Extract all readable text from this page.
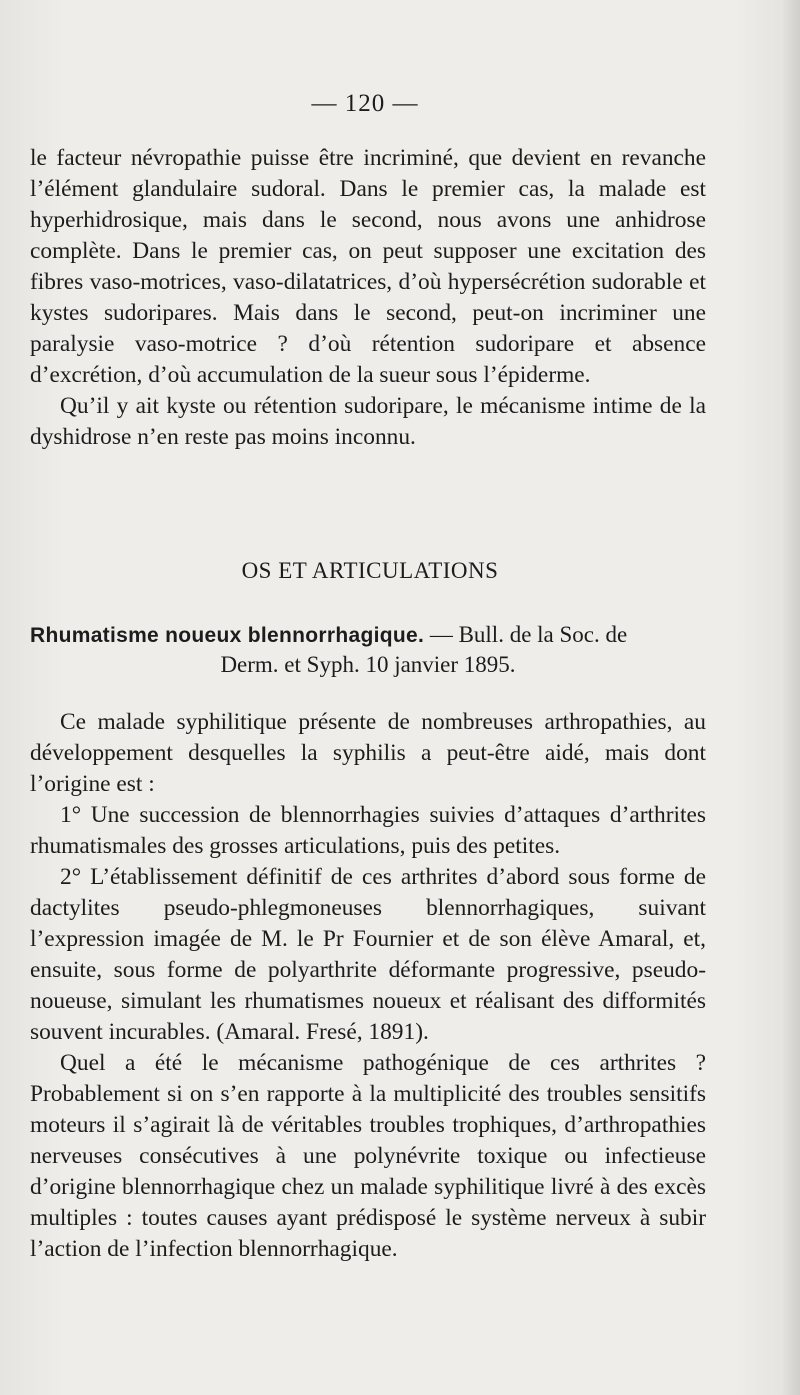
— 120 —

le facteur névropathie puisse être incriminé, que devient en revanche l’élément glandulaire sudoral. Dans le premier cas, la malade est hyperhidrosique, mais dans le second, nous avons une anhidrose complète. Dans le premier cas, on peut supposer une excitation des fibres vaso-motrices, vaso-dilatatrices, d’où hypersécrétion sudorable et kystes sudoripares. Mais dans le second, peut-on incriminer une paralysie vaso-motrice ? d’où rétention sudoripare et absence d’excrétion, d’où accumulation de la sueur sous l’épiderme.

Qu’il y ait kyste ou rétention sudoripare, le mécanisme intime de la dyshidrose n’en reste pas moins inconnu.

OS ET ARTICULATIONS
Rhumatisme noueux blennorrhagique. — Bull. de la Soc. de
Derm. et Syph. 10 janvier 1895.

Ce malade syphilitique présente de nombreuses arthropathies, au développement desquelles la syphilis a peut-être aidé, mais dont l’origine est :

1° Une succession de blennorrhagies suivies d’attaques d’arthrites rhumatismales des grosses articulations, puis des petites.

2° L’établissement définitif de ces arthrites d’abord sous forme de dactylites pseudo-phlegmoneuses blennorrhagiques, suivant l’expression imagée de M. le Pr Fournier et de son élève Amaral, et, ensuite, sous forme de polyarthrite déformante progressive, pseudo-noueuse, simulant les rhumatismes noueux et réalisant des difformités souvent incurables. (Amaral. Fresé, 1891).

Quel a été le mécanisme pathogénique de ces arthrites ? Probablement si on s’en rapporte à la multiplicité des troubles sensitifs moteurs il s’agirait là de véritables troubles trophiques, d’arthropathies nerveuses consécutives à une polynévrite toxique ou infectieuse d’origine blennorrhagique chez un malade syphilitique livré à des excès multiples : toutes causes ayant prédisposé le système nerveux à subir l’action de l’infection blennorrhagique.
